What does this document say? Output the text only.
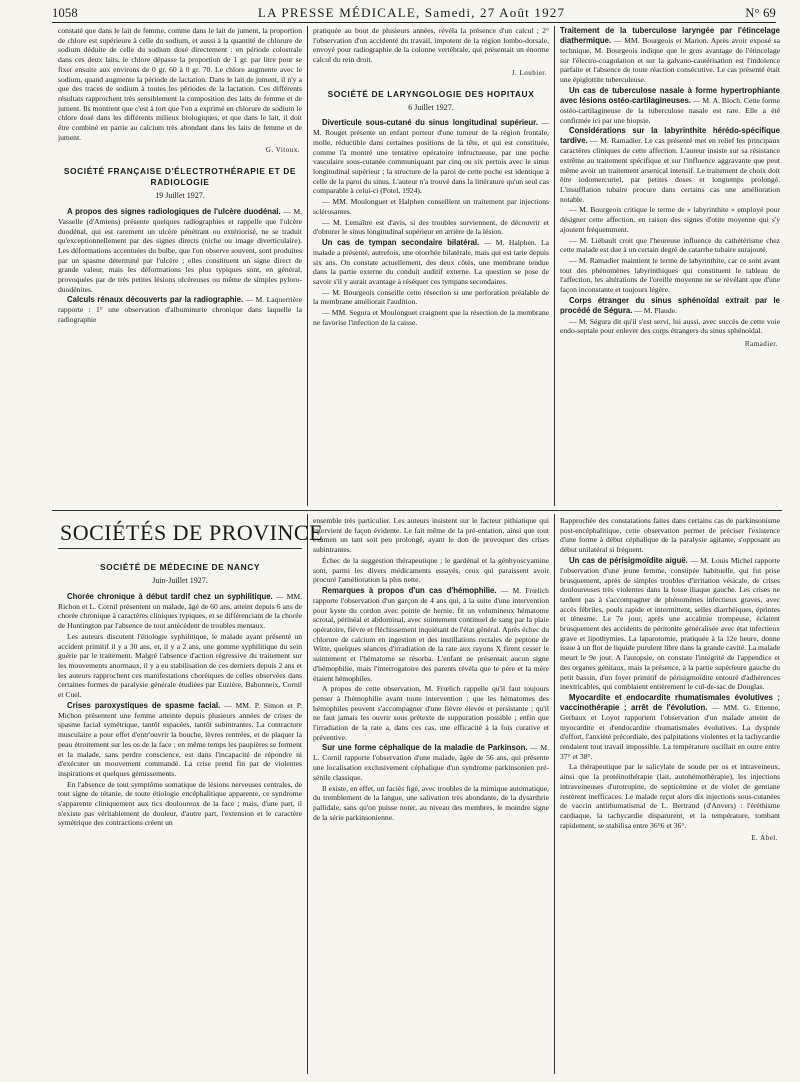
1058	LA PRESSE MÉDICALE, Samedi, 27 Août 1927	N° 69

constaté que dans le lait de femme, comme dans le lait de jument, la proportion de chlore est supérieure à celle du sodium, et aussi à la quantité de chlorure de sodium déduite de celle du sodium dosé directement : en période colostrale dans ces deux laits, le chlore dépasse la proportion de 1 gr. par litre pour se fixer ensuite aux environs de 0 gr. 60 à 0 gr. 70. Le chlore augmente avec le sodium, quand augmente la période de lactation. Dans le lait de jument, il n'y a que des traces de sodium à toutes les périodes de la lactation. Ces différents résultats rapprochent très sensiblement la composition des laits de femme et de jument. Ils montrent que c'est à tort que l'on a exprimé en chlorure de sodium le chlore dosé dans les différents milieux biologiques, et que dans le lait, il doit être combiné en partie au calcium très abondant dans les laits de femme et de jument.

G. Vitoux.
SOCIÉTÉ FRANÇAISE D'ÉLECTROTHÉRAPIE ET DE RADIOLOGIE
19 Juillet 1927.

A propos des signes radiologiques de l'ulcère duodénal. — M. Vasselle (d'Amiens) présente quelques radiographies et rappelle que l'ulcère duodénal, qui est rarement un ulcère pénétrant ou extériorisé, ne se traduit qu'exceptionnellement par des signes directs (niche ou image diverticulaire). Les déformations accentuées du bulbe, que l'on observe souvent, sont produites par un spasme déterminé par l'ulcère ; elles constituent un signe direct de grande valeur, mais les déformations les plus typiques sont, en général, provoquées par de très petites lésions ulcéreuses ou même de simples pyloro-duodénites.

Calculs rénaux découverts par la radiographie. — M. Laquerrière rapporte : 1° une observation d'albuminurie chronique dans laquelle la radiographie

pratiquée au bout de plusieurs années, révéla la présence d'un calcul ; 2° l'observation d'un accidenté du travail, impotent de la région lombo-dorsale, envoyé pour radiographie de la colonne vertébrale, qui présentait un énorme calcul du rein droit.

J. Loubier.
SOCIÉTÉ DE LARYNGOLOGIE DES HOPITAUX
6 Juillet 1927.

Diverticule sous-cutané du sinus longitudinal supérieur. — M. Rouget présente un enfant porteur d'une tumeur de la région frontale, molle, réductible dans certaines positions de la tête, et qui est constituée, comme l'a montré une tentative opératoire infructueuse, par une poche vasculaire sous-cutanée communiquant par cinq ou six pertuis avec le sinus longitudinal supérieur ; la structure de la paroi de cette poche est identique à celle de la paroi du sinus. L'auteur n'a trouvé dans la littérature qu'un seul cas comparable à celui-ci (Potel, 1924).

— MM. Moulonguet et Halphen conseillent un traitement par injections sclérosantes.

— M. Lemaître est d'avis, si des troubles surviennent, de découvrir et d'obturer le sinus longitudinal supérieur en arrière de la lésion.

Un cas de tympan secondaire bilatéral. — M. Halphen. La malade a présenté, autrefois, une otorrhée bilatérale, mais qui est tarie depuis six ans. On constate actuellement, des deux côtés, une membrane tendue dans la partie externe du conduit auditif externe. La question se pose de savoir s'il y aurait avantage à réséquer ces tympans secondaires.

— M. Bourgeois conseille cette résection si une perforation préalable de la membrane améliorait l'audition.

— MM. Segura et Moulonguet craignent que la résection de la membrane ne favorise l'infection de la caisse.

Traitement de la tuberculose laryngée par l'étincelage diathermique. — MM. Bourgeois et Marion. Après avoir exposé sa technique, M. Bourgeois indique que le gros avantage de l'étincelage sur l'électro-coagulation et sur la galvano-cautérisation est l'indolence parfaite et l'absence de toute réaction consécutive. Le cas présenté était une épiglottite tuberculeuse.

Un cas de tuberculose nasale à forme hypertrophiante avec lésions ostéo-cartilagineuses. — M. A. Bloch. Cette forme ostéo-cartilagineuse de la tuberculose nasale est rare. Elle a été confirmée ici par une biopsie.

Considérations sur la labyrinthite hérédo-spécifique tardive. — M. Ramadier. Le cas présenté met en relief les principaux caractères cliniques de cette affection. L'auteur insiste sur sa résistance extrême au traitement spécifique et sur l'influence aggravante que peut même avoir un traitement arsenical intensif. Le traitement de choix doit être iodomercuriel, par petites doses et longtemps prolongé. L'insufflation tubaire procure dans certains cas une amélioration notable.

— M. Bourgeois critique le terme de « labyrinthite » employé pour désigner cette affection, en raison des signes d'otite moyenne qui s'y ajoutent fréquemment.

— M. Liébault croit que l'heureuse influence du cathétérisme chez cette malade est due à un certain degré de catarrhe tubaire surajouté.

— M. Ramadier maintient le terme de labyrinthite, car ce sont avant tout des phénomènes labyrinthiques qui constituent le tableau de l'affection, les altérations de l'oreille moyenne ne se révélant que d'une façon inconstante et toujours légère.

Corps étranger du sinus sphénoïdal extrait par le procédé de Ségura. — M. Plaude.

— M. Ségura dit qu'il s'est servi, lui aussi, avec succès de cette voie endo-septale pour enlever des corps étrangers du sinus sphénoïdal.

Ramadier.
SOCIÉTÉS DE PROVINCE
SOCIÉTÉ DE MÉDECINE DE NANCY
Juin-Juillet 1927.

Chorée chronique à début tardif chez un syphilitique. — MM. Richon et L. Cornil présentent un malade, âgé de 60 ans, atteint depuis 6 ans de chorée chronique à caractères cliniques typiques, et se différenciant de la chorée de Huntington par l'absence de tout antécédent de troubles mentaux.

Les auteurs discutent l'étiologie syphilitique, le malade ayant présenté un accident primitif il y a 30 ans, et, il y a 2 ans, une gomme syphilitique du sein guérie par le traitement. Malgré l'absence d'action régressive du traitement sur les mouvements anormaux, il y a eu stabilisation de ces derniers depuis 2 ans et les auteurs rapprochent ces manifestations choréiques de celles observées dans certaines formes de paralysie générale étudiées par Euzière, Babonneix, Cornil et Cuel.

Crises paroxystiques de spasme facial. — MM. P. Simon et P. Michon présentent une femme atteinte depuis plusieurs années de crises de spasme facial symétrique, tantôt espacées, tantôt subintrantes. La contracture musculaire a pour effet d'entr'ouvrir la bouche, lèvres rentrées, et de plaquer la peau étroitement sur les os de la face ; en même temps les paupières se ferment et la malade, sans perdre conscience, est dans l'incapacité de répondre ni d'exécuter un mouvement commandé. La crise prend fin par de violentes inspirations et quelques gémissements.

En l'absence de tout symptôme somatique de lésions nerveuses centrales, de tout signe de tétanie, de toute étiologie encéphalitique apparente, ce syndrome s'apparente cliniquement aux tics douloureux de la face ; mais, d'une part, il n'existe pas véritablement de douleur, d'autre part, l'extension et le caractère symétrique des contractions créent un

ensemble très particulier. Les auteurs insistent sur le facteur pithiatique qui intervient de façon évidente. Le fait même de la pré-entation, ainsi que tout examen un tant soit peu prolongé, ayant le don de provoquer des crises subintrantes.

Échec de la suggestion thérapeutique ; le gardénal et la génhyoscyamine sont, parmi les divers médicaments essayés, ceux qui paraissent avoir procuré l'amélioration la plus nette.

Remarques à propos d'un cas d'hémophilie. — M. Frœlich rapporte l'observation d'un garçon de 4 ans qui, à la suite d'une intervention pour kyste du cordon avec pointe de hernie, fit un volumineux hématome scrotal, périnéal et abdominal, avec suintement continuel de sang par la plaie opératoire, fièvre et fléchissement inquiétant de l'état général. Après échec du chlorure de calcium en ingestion et des instillations rectales de peptone de Witte, quelques séances d'irradiation de la rate aux rayons X firent cesser le suintement et l'hématome se résorba. L'enfant ne présentait aucun signe d'hémophilie, mais l'interrogatoire des parents révéla que le père et la mère étaient hémophiles.

A propos de cette observation, M. Frœlich rappelle qu'il faut toujours penser à l'hémophilie avant toute intervention ; que les hématomes des hémophiles peuvent s'accompagner d'une fièvre élevée et persistante ; qu'il ne faut jamais les ouvrir sous prétexte de suppuration possible ; enfin que l'irradiation de la rate a, dans ces cas, une efficacité à la fois curative et préventive.

Sur une forme céphalique de la maladie de Parkinson. — M. L. Cornil rapporte l'observation d'une malade, âgée de 56 ans, qui présente une localisation exclusivement céphalique d'un syndrome parkinsonien pré-sénile classique.

Il existe, en effet, un faciès figé, avec troubles de la mimique automatique, du tremblement de la langue, une salivation très abondante, de la dysarthrie pallidale, sans qu'on puisse noter, au niveau des membres, le moindre signe de la série parkinsonienne.

Rapprochée des constatations faites dans certains cas de parkinsonisme post-encéphalitique, cette observation permet de préciser l'existence d'une forme à début céphalique de la paralysie agitante, s'opposant au début unilatéral si fréquent.

Un cas de périsigmoïdite aiguë. — M. Louis Michel rapporte l'observation d'une jeune femme, constipée habituelle, qui fut prise brusquement, après de simples troubles d'irritation vésicale, de crises douloureuses très violentes dans la fosse iliaque gauche. Les crises ne tardent pas à s'accompagner de phénomènes infectieux graves, avec accès fébriles, pouls rapide et intermittent, selles diarrhéiques, éprintes et ténesme. Le 7e jour, après une accalmie trompeuse, éclatent brusquement des accidents de péritonite généralisée avec état infectieux grave et lipothymies. La laparotomie, pratiquée à la 12e heure, donne issue à un flot de liquide purulent libre dans la grande cavité. La malade meurt le 9e jour. A l'autopsie, on constate l'intégrité de l'appendice et des organes génitaux, mais la présence, à la partie supérieure gauche du petit bassin, d'un foyer primitif de périsigmoïdite entouré d'adhérences inextricables, qui comblaient entièrement le cul-de-sac de Douglas.

Myocardite et endocardite rhumatismales évolutives ; vaccinothérapie ; arrêt de l'évolution. — MM. G. Etienne, Gerbaux et Loyot rapportent l'observation d'un malade atteint de myocardite et d'endocardite rhumatismales évolutives. La dyspnée d'effort, l'anxiété précordiale, des palpitations violentes et la tachycardie rendaient tout travail impossible. La température oscillait en outre entre 37° et 38°.

La thérapeutique par le salicylate de soude per os et intraveineux, ainsi que la protéinothérapie (lait, autohémothérapie), les injections intraveineuses d'urotropine, de septicémine et de violet de gentiane restèrent inefficaces. Le malade reçut alors dix injections sous-cutanées de vaccin antirhumatismal de L. Bertrand (d'Anvers) : l'éréthisme cardiaque, la tachycardie disparurent, et la température, tombant rapidement, se stabilisa entre 36°6 et 36°.

E. Abel.
